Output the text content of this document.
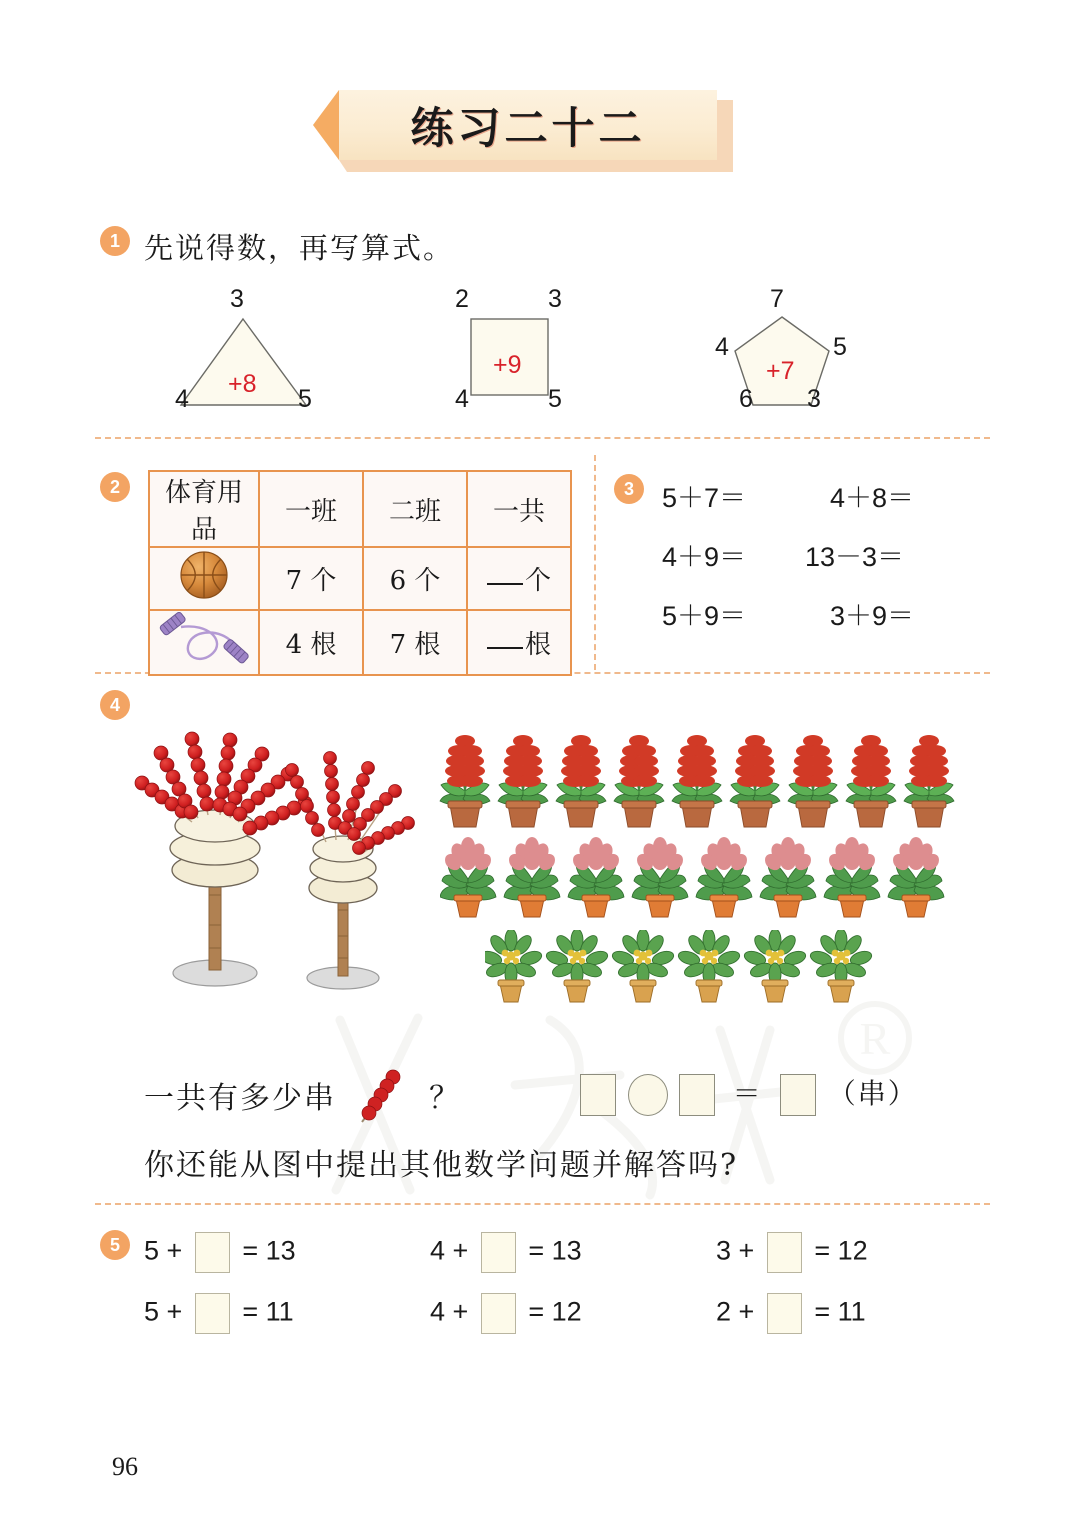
R
练习二十二
1 先说得数，再写算式。
3
+8
4	5
2	3
+9
4	5
7
4	5
+7
6 3
2	体育用品	一班	二班	一共
	7 个	6 个	个
	4 根	7 根	根
3	5＋7＝	4＋8＝
4＋9＝ 13－3＝
5＋9＝	3＋9＝
4
一共有多少串	？	＝ （串）
你还能从图中提出其他数学问题并解答吗?
5 5 + = 13	4 + = 13	3 + = 12
5 + = 11	4 + = 12	2 + = 11
96
